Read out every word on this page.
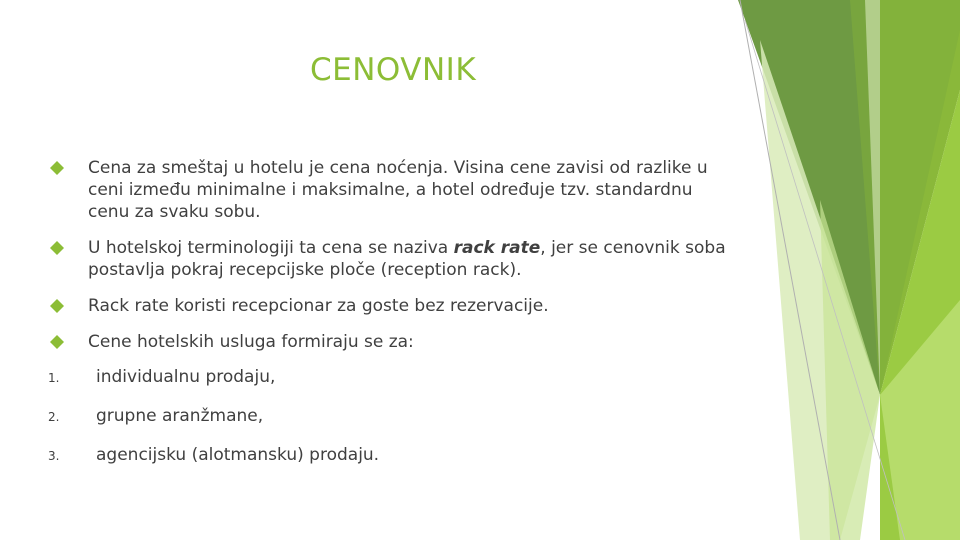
CENOVNIK
Cena za smeštaj u hotelu je cena noćenja. Visina cene zavisi od razlike u ceni između minimalne i maksimalne, a hotel određuje tzv. standardnu cenu za svaku sobu.
U hotelskoj terminologiji ta cena se naziva rack rate, jer se cenovnik soba postavlja pokraj recepcijske ploče (reception rack).
Rack rate koristi recepcionar za goste bez rezervacije.
Cene hotelskih usluga formiraju se za:
1. individualnu prodaju,
2. grupne aranžmane,
3. agencijsku (alotmansku) prodaju.
